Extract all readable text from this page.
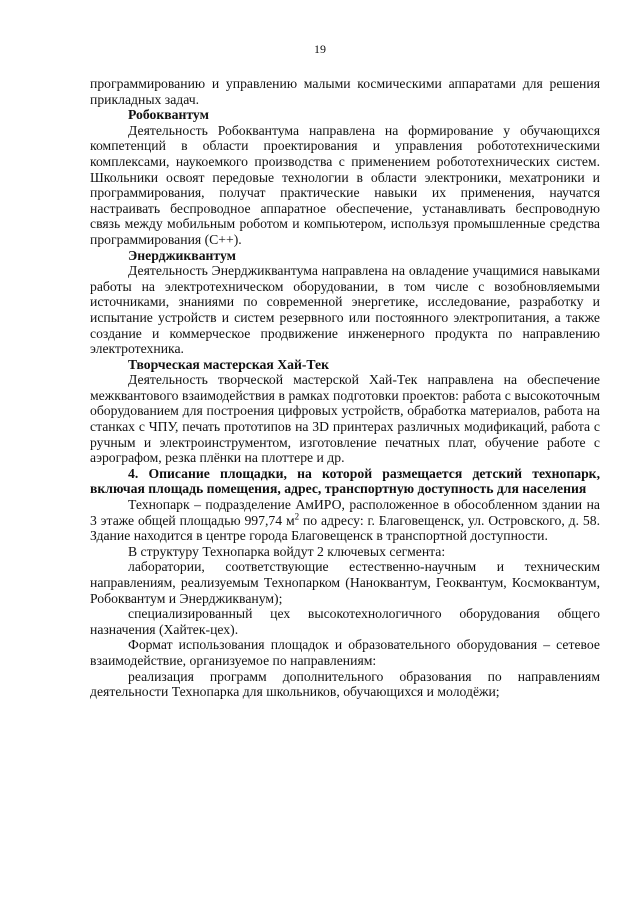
19

программированию и управлению малыми космическими аппаратами для решения прикладных задач.

Робоквантум

Деятельность Робоквантума направлена на формирование у обучающихся компетенций в области проектирования и управления робототехническими комплексами, наукоемкого производства с применением робототехнических систем. Школьники освоят передовые технологии в области электроники, мехатроники и программирования, получат практические навыки их применения, научатся настраивать беспроводное аппаратное обеспечение, устанавливать беспроводную связь между мобильным роботом и компьютером, используя промышленные средства программирования (С++).

Энерджиквантум

Деятельность Энерджиквантума направлена на овладение учащимися навыками работы на электротехническом оборудовании, в том числе с возобновляемыми источниками, знаниями по современной энергетике, исследование, разработку и испытание устройств и систем резервного или постоянного электропитания, а также создание и коммерческое продвижение инженерного продукта по направлению электротехника.

Творческая мастерская Хай-Тек

Деятельность творческой мастерской Хай-Тек направлена на обеспечение межквантового взаимодействия в рамках подготовки проектов: работа с высокоточным оборудованием для построения цифровых устройств, обработка материалов, работа на станках с ЧПУ, печать прототипов на 3D принтерах различных модификаций, работа с ручным и электроинструментом, изготовление печатных плат, обучение работе с аэрографом, резка плёнки на плоттере и др.

4. Описание площадки, на которой размещается детский технопарк, включая площадь помещения, адрес, транспортную доступность для населения

Технопарк – подразделение АмИРО, расположенное в обособленном здании на 3 этаже общей площадью 997,74 $м^2$ по адресу: г. Благовещенск, ул. Островского, д. 58. Здание находится в центре города Благовещенск в транспортной доступности.

В структуру Технопарка войдут 2 ключевых сегмента:

лаборатории, соответствующие естественно-научным и техническим направлениям, реализуемым Технопарком (Наноквантум, Геоквантум, Космоквантум, Робоквантум и Энерджикванум);

специализированный цех высокотехнологичного оборудования общего назначения (Хайтек-цех).

Формат использования площадок и образовательного оборудования – сетевое взаимодействие, организуемое по направлениям:

реализация программ дополнительного образования по направлениям деятельности Технопарка для школьников, обучающихся и молодёжи;
